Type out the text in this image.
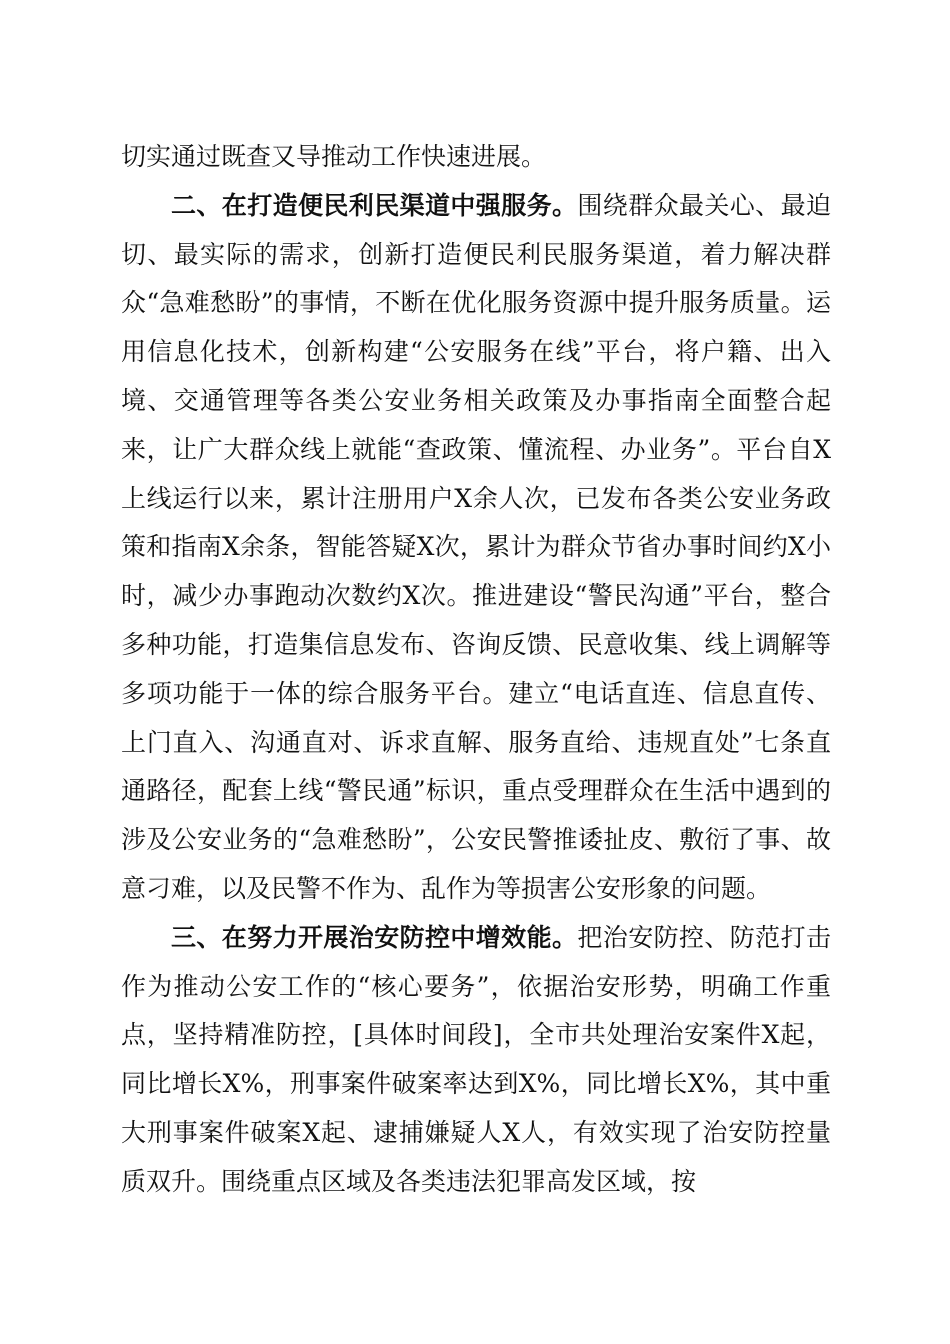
切实通过既查又导推动工作快速进展。

二、在打造便民利民渠道中强服务。围绕群众最关心、最迫切、最实际的需求，创新打造便民利民服务渠道，着力解决群众“急难愁盼”的事情，不断在优化服务资源中提升服务质量。运用信息化技术，创新构建“公安服务在线”平台，将户籍、出入境、交通管理等各类公安业务相关政策及办事指南全面整合起来，让广大群众线上就能“查政策、懂流程、办业务”。平台自X上线运行以来，累计注册用户X余人次，已发布各类公安业务政策和指南X余条，智能答疑X次，累计为群众节省办事时间约X小时，减少办事跑动次数约X次。推进建设“警民沟通”平台，整合多种功能，打造集信息发布、咨询反馈、民意收集、线上调解等多项功能于一体的综合服务平台。建立“电话直连、信息直传、上门直入、沟通直对、诉求直解、服务直给、违规直处”七条直通路径，配套上线“警民通”标识，重点受理群众在生活中遇到的涉及公安业务的“急难愁盼”，公安民警推诿扯皮、敷衍了事、故意刁难，以及民警不作为、乱作为等损害公安形象的问题。

三、在努力开展治安防控中增效能。把治安防控、防范打击作为推动公安工作的“核心要务”，依据治安形势，明确工作重点，坚持精准防控，[具体时间段]，全市共处理治安案件X起，同比增长X%，刑事案件破案率达到X%，同比增长X%，其中重大刑事案件破案X起、逮捕嫌疑人X人，有效实现了治安防控量质双升。围绕重点区域及各类违法犯罪高发区域，按
